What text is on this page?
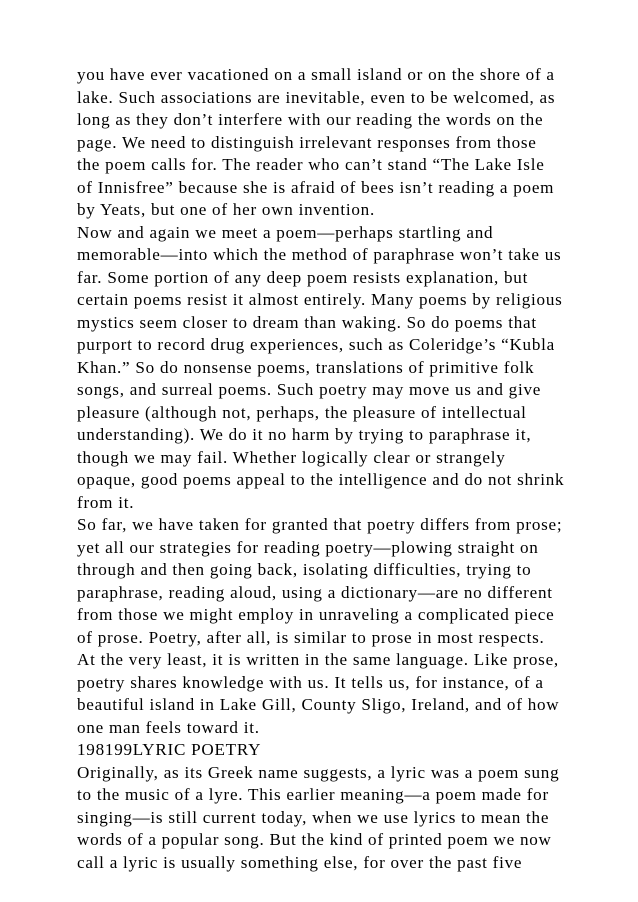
you have ever vacationed on a small island or on the shore of a
lake. Such associations are inevitable, even to be welcomed, as
long as they don’t interfere with our reading the words on the
page. We need to distinguish irrelevant responses from those
the poem calls for. The reader who can’t stand “The Lake Isle
of Innisfree” because she is afraid of bees isn’t reading a poem
by Yeats, but one of her own invention.
Now and again we meet a poem—perhaps startling and
memorable—into which the method of paraphrase won’t take us
far. Some portion of any deep poem resists explanation, but
certain poems resist it almost entirely. Many poems by religious
mystics seem closer to dream than waking. So do poems that
purport to record drug experiences, such as Coleridge’s “Kubla
Khan.” So do nonsense poems, translations of primitive folk
songs, and surreal poems. Such poetry may move us and give
pleasure (although not, perhaps, the pleasure of intellectual
understanding). We do it no harm by trying to paraphrase it,
though we may fail. Whether logically clear or strangely
opaque, good poems appeal to the intelligence and do not shrink
from it.
So far, we have taken for granted that poetry differs from prose;
yet all our strategies for reading poetry—plowing straight on
through and then going back, isolating difficulties, trying to
paraphrase, reading aloud, using a dictionary—are no different
from those we might employ in unraveling a complicated piece
of prose. Poetry, after all, is similar to prose in most respects.
At the very least, it is written in the same language. Like prose,
poetry shares knowledge with us. It tells us, for instance, of a
beautiful island in Lake Gill, County Sligo, Ireland, and of how
one man feels toward it.
198199LYRIC POETRY
Originally, as its Greek name suggests, a lyric was a poem sung
to the music of a lyre. This earlier meaning—a poem made for
singing—is still current today, when we use lyrics to mean the
words of a popular song. But the kind of printed poem we now
call a lyric is usually something else, for over the past five
